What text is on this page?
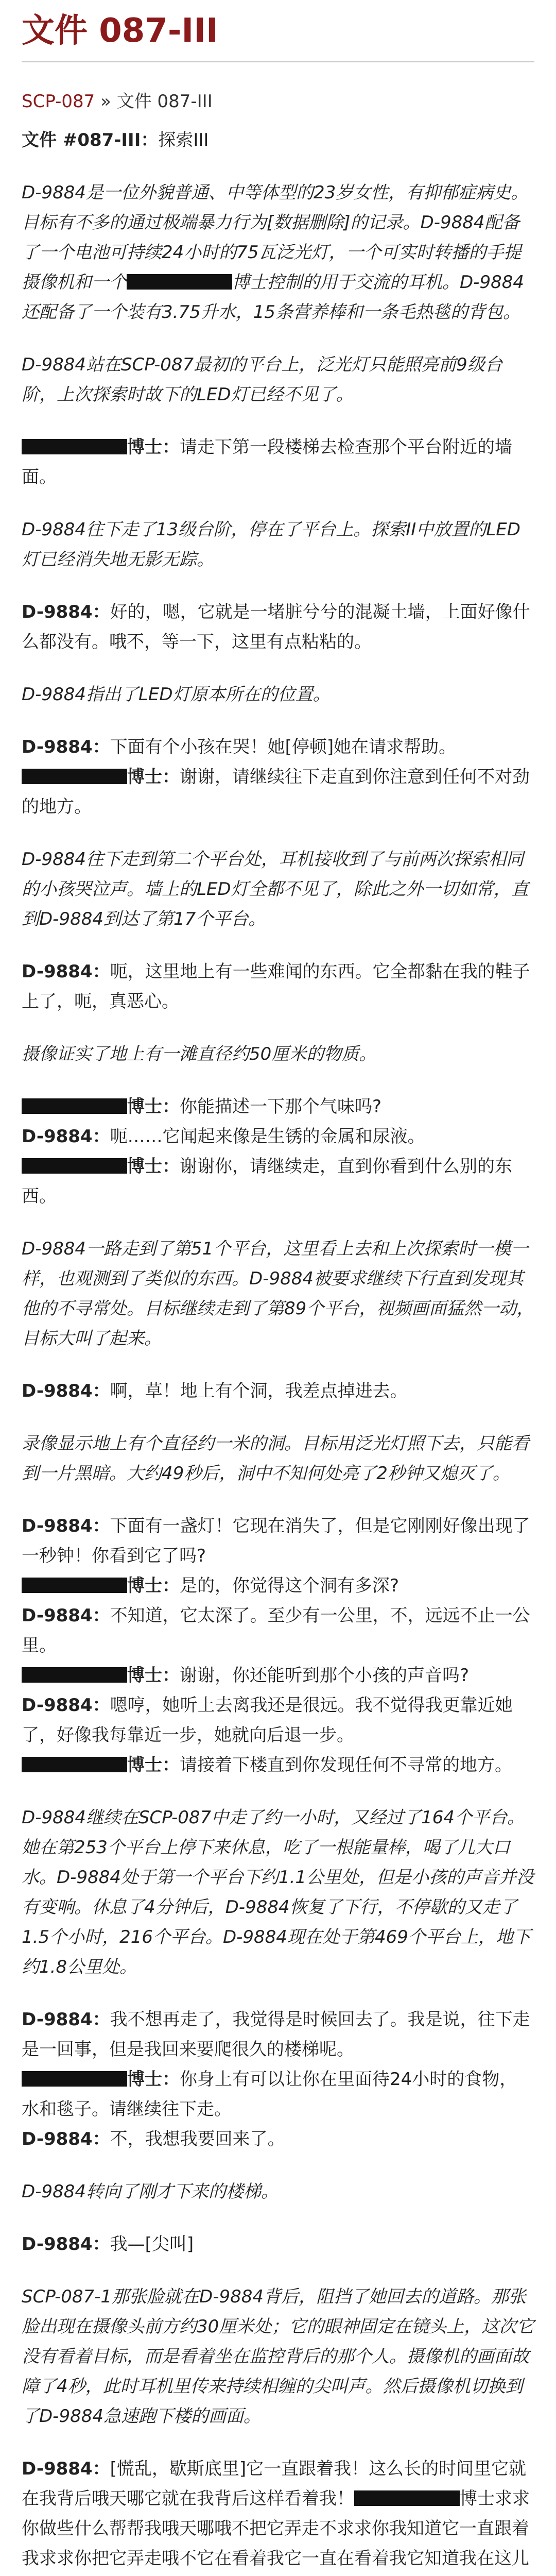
文件 087-III
SCP-087 » 文件 087-III

文件 #087-III：探索III

D-9884是一位外貌普通、中等体型的23岁女性，有抑郁症病史。目标有不多的通过极端暴力行为[数据删除]的记录。D-9884配备了一个电池可持续24小时的75瓦泛光灯，一个可实时转播的手提摄像机和一个	博士控制的用于交流的耳机。D-9884还配备了一个装有3.75升水，15条营养棒和一条毛热毯的背包。

D-9884站在SCP-087最初的平台上，泛光灯只能照亮前9级台阶，上次探索时故下的LED灯已经不见了。

博士：请走下第一段楼梯去检查那个平台附近的墙面。

D-9884往下走了13级台阶，停在了平台上。探索II中放置的LED灯已经消失地无影无踪。

D-9884：好的，嗯，它就是一堵脏兮兮的混凝土墙，上面好像什么都没有。哦不，等一下，这里有点粘粘的。

D-9884指出了LED灯原本所在的位置。

D-9884：下面有个小孩在哭！她[停顿]她在请求帮助。

博士：谢谢，请继续往下走直到你注意到任何不对劲的地方。

D-9884往下走到第二个平台处，耳机接收到了与前两次探索相同的小孩哭泣声。墙上的LED灯全都不见了，除此之外一切如常，直到D-9884到达了第17个平台。

D-9884：呃，这里地上有一些难闻的东西。它全都黏在我的鞋子上了，呃，真恶心。

摄像证实了地上有一滩直径约50厘米的物质。

博士：你能描述一下那个气味吗?

D-9884：呃……它闻起来像是生锈的金属和尿液。

博士：谢谢你，请继续走，直到你看到什么别的东西。

D-9884一路走到了第51个平台，这里看上去和上次探索时一模一样，也观测到了类似的东西。D-9884被要求继续下行直到发现其他的不寻常处。目标继续走到了第89个平台，视频画面猛然一动，目标大叫了起来。

D-9884：啊，草！地上有个洞，我差点掉进去。

录像显示地上有个直径约一米的洞。目标用泛光灯照下去，只能看到一片黑暗。大约49秒后，洞中不知何处亮了2秒钟又熄灭了。

D-9884：下面有一盏灯！它现在消失了，但是它刚刚好像出现了一秒钟！你看到它了吗?

博士：是的，你觉得这个洞有多深?

D-9884：不知道，它太深了。至少有一公里，不，远远不止一公里。

博士：谢谢，你还能听到那个小孩的声音吗?

D-9884：嗯哼，她听上去离我还是很远。我不觉得我更靠近她了，好像我每靠近一步，她就向后退一步。

博士：请接着下楼直到你发现任何不寻常的地方。

D-9884继续在SCP-087中走了约一小时，又经过了164个平台。她在第253个平台上停下来休息，吃了一根能量棒，喝了几大口水。D-9884处于第一个平台下约1.1公里处，但是小孩的声音并没有变响。休息了4分钟后，D-9884恢复了下行，不停歇的又走了1.5个小时，216个平台。D-9884现在处于第469个平台上，地下约1.8公里处。

D-9884：我不想再走了，我觉得是时候回去了。我是说，往下走是一回事，但是我回来要爬很久的楼梯呢。

博士：你身上有可以让你在里面待24小时的食物，水和毯子。请继续往下走。

D-9884：不，我想我要回来了。

D-9884转向了刚才下来的楼梯。

D-9884：我—[尖叫]

SCP-087-1那张脸就在D-9884背后，阻挡了她回去的道路。那张脸出现在摄像头前方约30厘米处；它的眼神固定在镜头上，这次它没有看着目标，而是看着坐在监控背后的那个人。摄像机的画面故障了4秒，此时耳机里传来持续相缠的尖叫声。然后摄像机切换到了D-9884急速跑下楼的画面。

D-9884：[慌乱，歇斯底里]它一直跟着我！这么长的时间里它就在我背后哦天哪它就在我背后这样看着我！	博士求求你做些什么帮帮我哦天哪哦不把它弄走不求求你我知道它一直跟着我求求你把它弄走哦不它在看着我它一直在看着我它知道我在这儿
